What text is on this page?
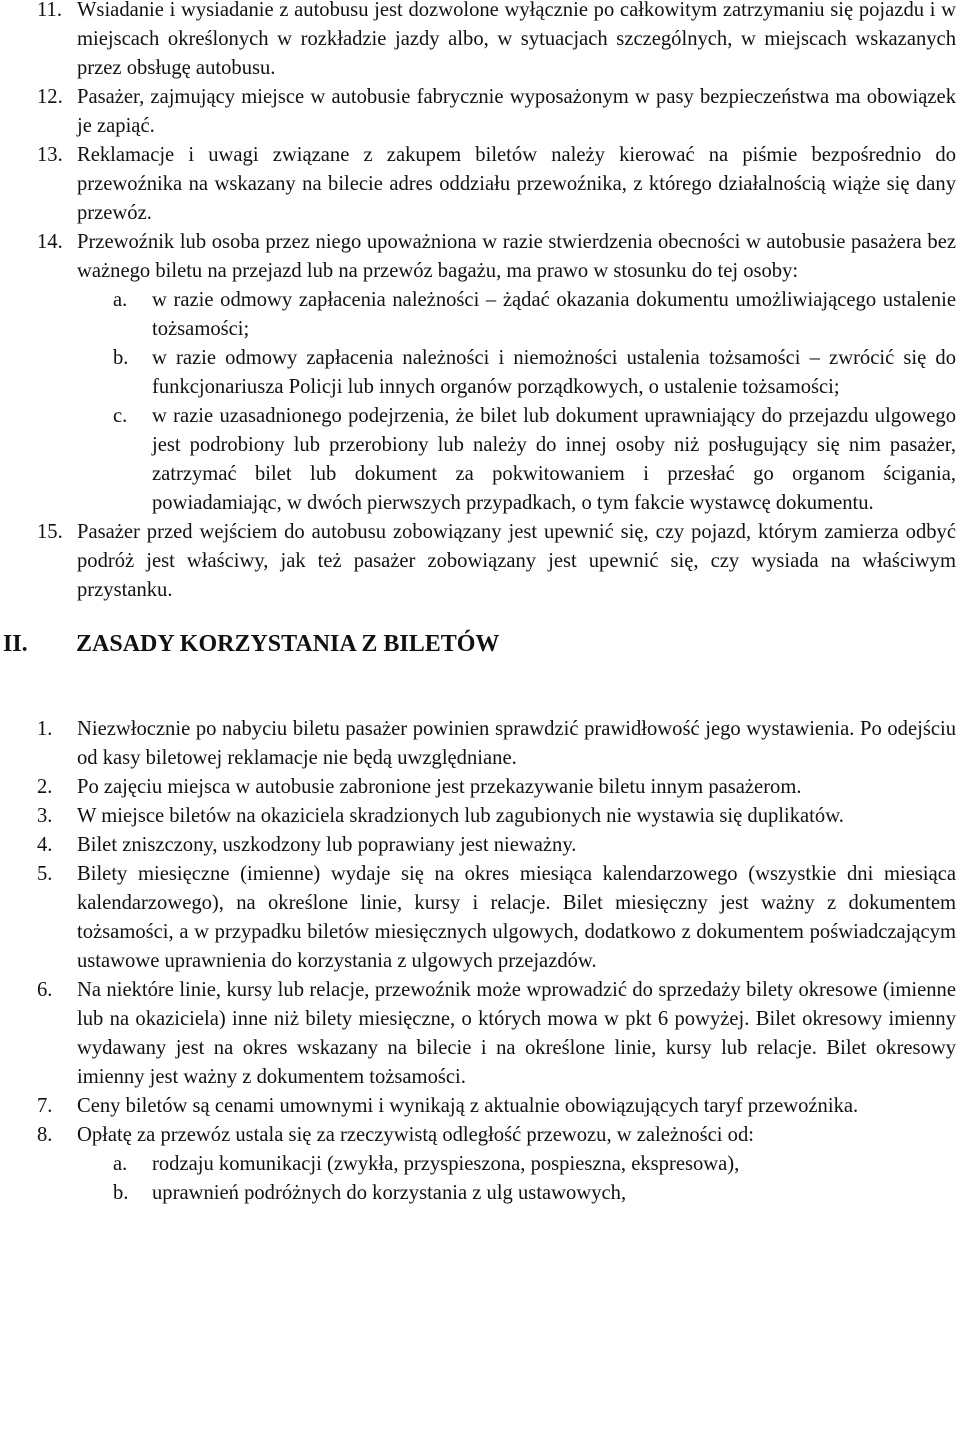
11. Wsiadanie i wysiadanie z autobusu jest dozwolone wyłącznie po całkowitym zatrzymaniu się pojazdu i w miejscach określonych w rozkładzie jazdy albo, w sytuacjach szczególnych, w miejscach wskazanych przez obsługę autobusu.
12. Pasażer, zajmujący miejsce w autobusie fabrycznie wyposażonym w pasy bezpieczeństwa ma obowiązek je zapiąć.
13. Reklamacje i uwagi związane z zakupem biletów należy kierować na piśmie bezpośrednio do przewoźnika na wskazany na bilecie adres oddziału przewoźnika, z którego działalnością wiąże się dany przewóz.
14. Przewoźnik lub osoba przez niego upoważniona w razie stwierdzenia obecności w autobusie pasażera bez ważnego biletu na przejazd lub na przewóz bagażu, ma prawo w stosunku do tej osoby:
a. w razie odmowy zapłacenia należności – żądać okazania dokumentu umożliwiającego ustalenie tożsamości;
b. w razie odmowy zapłacenia należności i niemożności ustalenia tożsamości – zwrócić się do funkcjonariusza Policji lub innych organów porządkowych, o ustalenie tożsamości;
c. w razie uzasadnionego podejrzenia, że bilet lub dokument uprawniający do przejazdu ulgowego jest podrobiony lub przerobiony lub należy do innej osoby niż posługujący się nim pasażer, zatrzymać bilet lub dokument za pokwitowaniem i przesłać go organom ścigania, powiadamiając, w dwóch pierwszych przypadkach, o tym fakcie wystawcę dokumentu.
15. Pasażer przed wejściem do autobusu zobowiązany jest upewnić się, czy pojazd, którym zamierza odbyć podróż jest właściwy, jak też pasażer zobowiązany jest upewnić się, czy wysiada na właściwym przystanku.
II. ZASADY KORZYSTANIA Z BILETÓW
1. Niezwłocznie po nabyciu biletu pasażer powinien sprawdzić prawidłowość jego wystawienia. Po odejściu od kasy biletowej reklamacje nie będą uwzględniane.
2. Po zajęciu miejsca w autobusie zabronione jest przekazywanie biletu innym pasażerom.
3. W miejsce biletów na okaziciela skradzionych lub zagubionych nie wystawia się duplikatów.
4. Bilet zniszczony, uszkodzony lub poprawiany jest nieważny.
5. Bilety miesięczne (imienne) wydaje się na okres miesiąca kalendarzowego (wszystkie dni miesiąca kalendarzowego), na określone linie, kursy i relacje. Bilet miesięczny jest ważny z dokumentem tożsamości, a w przypadku biletów miesięcznych ulgowych, dodatkowo z dokumentem poświadczającym ustawowe uprawnienia do korzystania z ulgowych przejazdów.
6. Na niektóre linie, kursy lub relacje, przewoźnik może wprowadzić do sprzedaży bilety okresowe (imienne lub na okaziciela) inne niż bilety miesięczne, o których mowa w pkt 6 powyżej. Bilet okresowy imienny wydawany jest na okres wskazany na bilecie i na określone linie, kursy lub relacje. Bilet okresowy imienny jest ważny z dokumentem tożsamości.
7. Ceny biletów są cenami umownymi i wynikają z aktualnie obowiązujących taryf przewoźnika.
8. Opłatę za przewóz ustala się za rzeczywistą odległość przewozu, w zależności od:
a. rodzaju komunikacji (zwykła, przyspieszona, pospieszna, ekspresowa),
b. uprawnień podróżnych do korzystania z ulg ustawowych,
